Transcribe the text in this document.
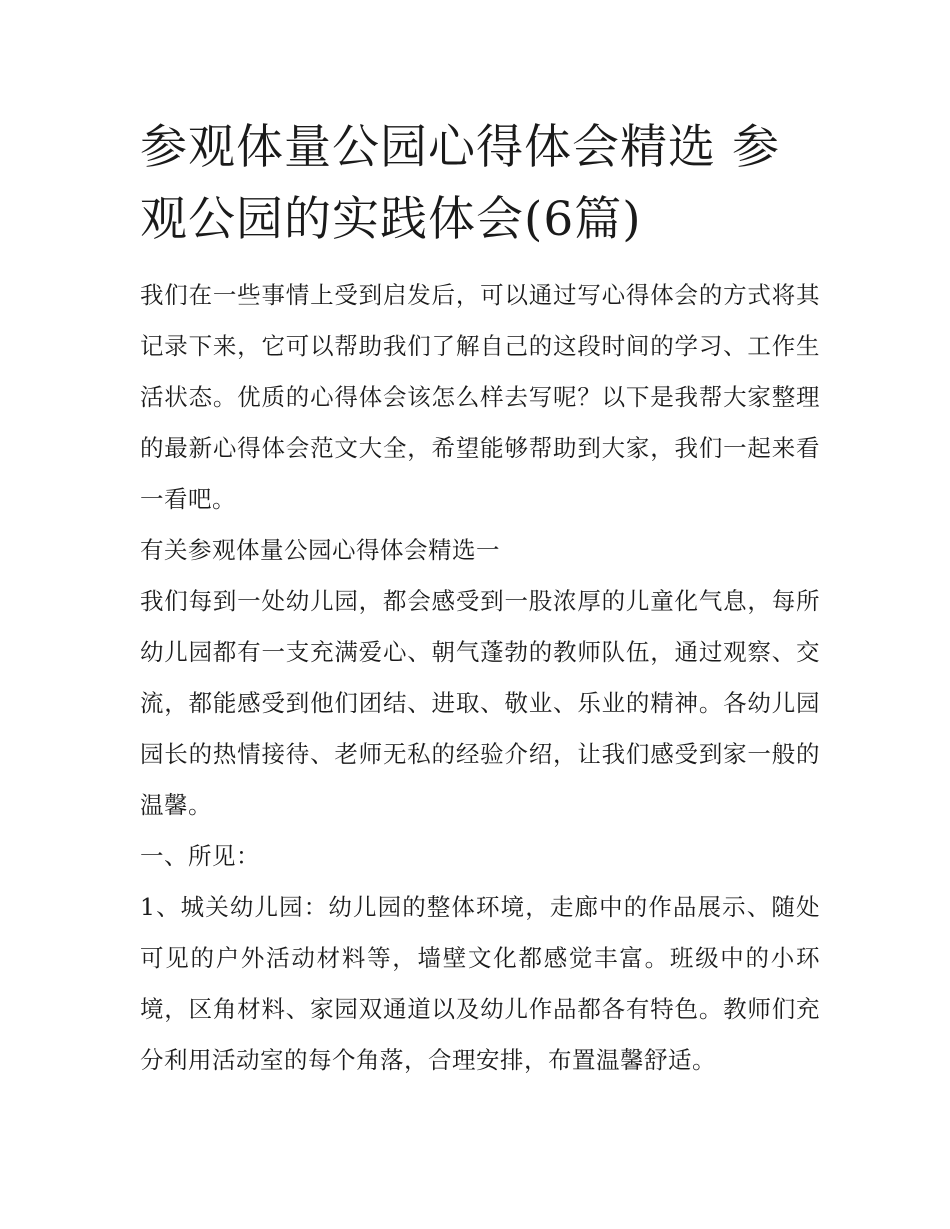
参观体量公园心得体会精选 参观公园的实践体会(6篇)

我们在一些事情上受到启发后，可以通过写心得体会的方式将其记录下来，它可以帮助我们了解自己的这段时间的学习、工作生活状态。优质的心得体会该怎么样去写呢？以下是我帮大家整理的最新心得体会范文大全，希望能够帮助到大家，我们一起来看一看吧。

有关参观体量公园心得体会精选一

我们每到一处幼儿园，都会感受到一股浓厚的儿童化气息，每所幼儿园都有一支充满爱心、朝气蓬勃的教师队伍，通过观察、交流，都能感受到他们团结、进取、敬业、乐业的精神。各幼儿园园长的热情接待、老师无私的经验介绍，让我们感受到家一般的温馨。

一、所见：

1、城关幼儿园：幼儿园的整体环境，走廊中的作品展示、随处可见的户外活动材料等，墙壁文化都感觉丰富。班级中的小环境，区角材料、家园双通道以及幼儿作品都各有特色。教师们充分利用活动室的每个角落，合理安排，布置温馨舒适。
